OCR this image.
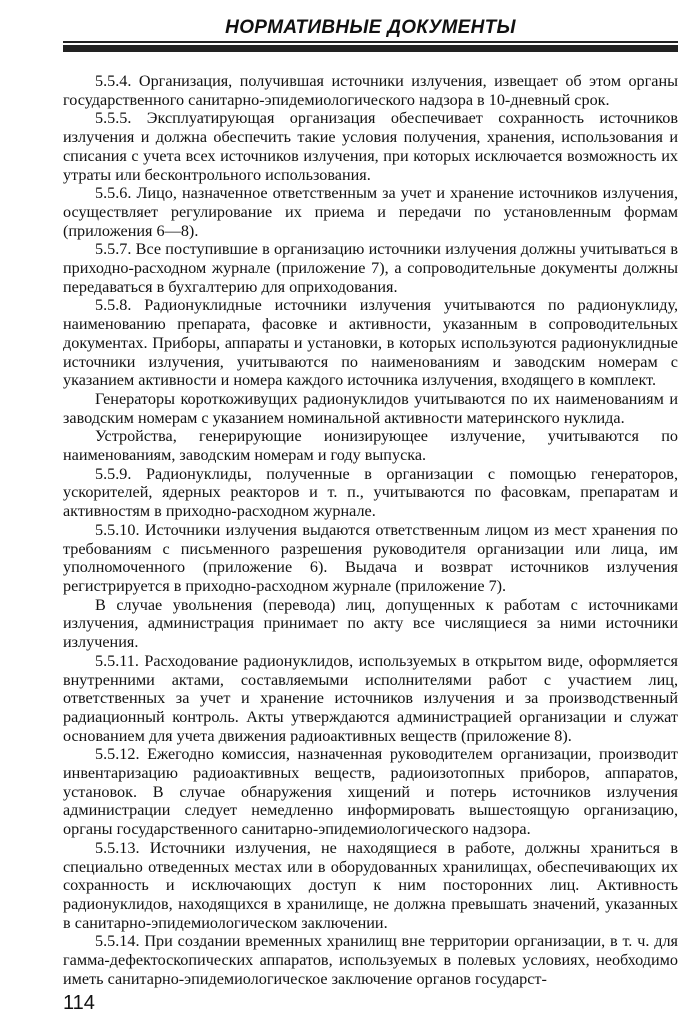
НОРМАТИВНЫЕ ДОКУМЕНТЫ

5.5.4. Организация, получившая источники излучения, извещает об этом органы государственного санитарно-эпидемиологического надзора в 10-дневный срок.

5.5.5. Эксплуатирующая организация обеспечивает сохранность источников излучения и должна обеспечить такие условия получения, хранения, использования и списания с учета всех источников излучения, при которых исключается возможность их утраты или бесконтрольного использования.

5.5.6. Лицо, назначенное ответственным за учет и хранение источников излучения, осуществляет регулирование их приема и передачи по установленным формам (приложения 6—8).

5.5.7. Все поступившие в организацию источники излучения должны учитываться в приходно-расходном журнале (приложение 7), а сопроводительные документы должны передаваться в бухгалтерию для оприходования.

5.5.8. Радионуклидные источники излучения учитываются по радионуклиду, наименованию препарата, фасовке и активности, указанным в сопроводительных документах. Приборы, аппараты и установки, в которых используются радионуклидные источники излучения, учитываются по наименованиям и заводским номерам с указанием активности и номера каждого источника излучения, входящего в комплект.

Генераторы короткоживущих радионуклидов учитываются по их наименованиям и заводским номерам с указанием номинальной активности материнского нуклида.

Устройства, генерирующие ионизирующее излучение, учитываются по наименованиям, заводским номерам и году выпуска.

5.5.9. Радионуклиды, полученные в организации с помощью генераторов, ускорителей, ядерных реакторов и т. п., учитываются по фасовкам, препаратам и активностям в приходно-расходном журнале.

5.5.10. Источники излучения выдаются ответственным лицом из мест хранения по требованиям с письменного разрешения руководителя организации или лица, им уполномоченного (приложение 6). Выдача и возврат источников излучения регистрируется в приходно-расходном журнале (приложение 7).

В случае увольнения (перевода) лиц, допущенных к работам с источниками излучения, администрация принимает по акту все числящиеся за ними источники излучения.

5.5.11. Расходование радионуклидов, используемых в открытом виде, оформляется внутренними актами, составляемыми исполнителями работ с участием лиц, ответственных за учет и хранение источников излучения и за производственный радиационный контроль. Акты утверждаются администрацией организации и служат основанием для учета движения радиоактивных веществ (приложение 8).

5.5.12. Ежегодно комиссия, назначенная руководителем организации, производит инвентаризацию радиоактивных веществ, радиоизотопных приборов, аппаратов, установок. В случае обнаружения хищений и потерь источников излучения администрации следует немедленно информировать вышестоящую организацию, органы государственного санитарно-эпидемиологического надзора.

5.5.13. Источники излучения, не находящиеся в работе, должны храниться в специально отведенных местах или в оборудованных хранилищах, обеспечивающих их сохранность и исключающих доступ к ним посторонних лиц. Активность радионуклидов, находящихся в хранилище, не должна превышать значений, указанных в санитарно-эпидемиологическом заключении.

5.5.14. При создании временных хранилищ вне территории организации, в т. ч. для гамма-дефектоскопических аппаратов, используемых в полевых условиях, необходимо иметь санитарно-эпидемиологическое заключение органов государст-

114
